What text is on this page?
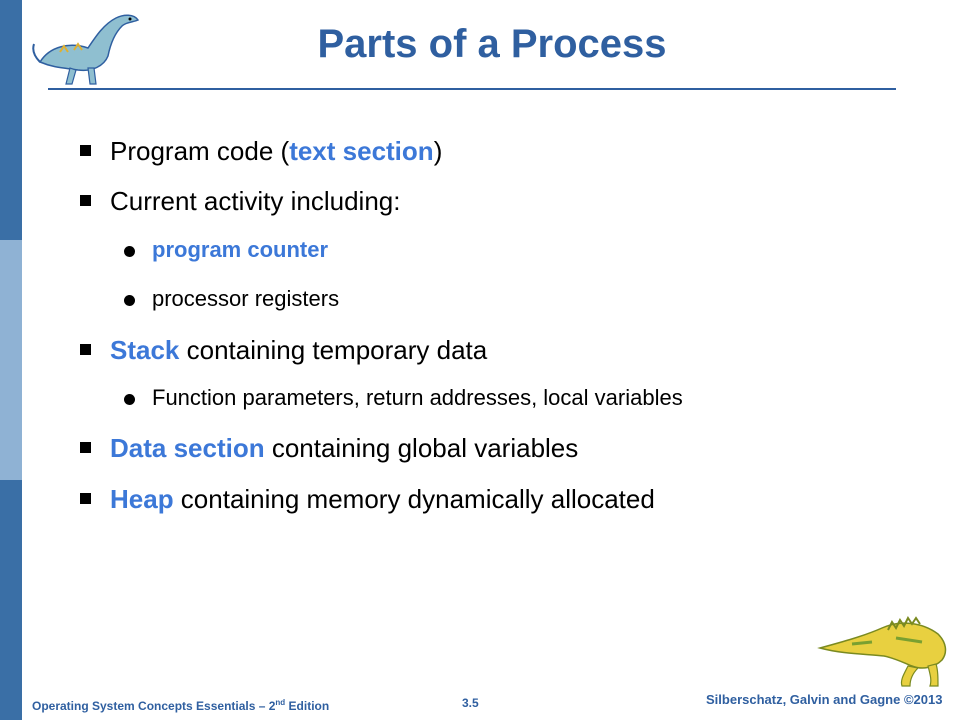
Parts of a Process
Program code (text section)
Current activity including:
program counter
processor registers
Stack containing temporary data
Function parameters, return addresses, local variables
Data section containing global variables
Heap containing memory dynamically allocated
Operating System Concepts Essentials – 2nd Edition	3.5	Silberschatz, Galvin and Gagne ©2013
